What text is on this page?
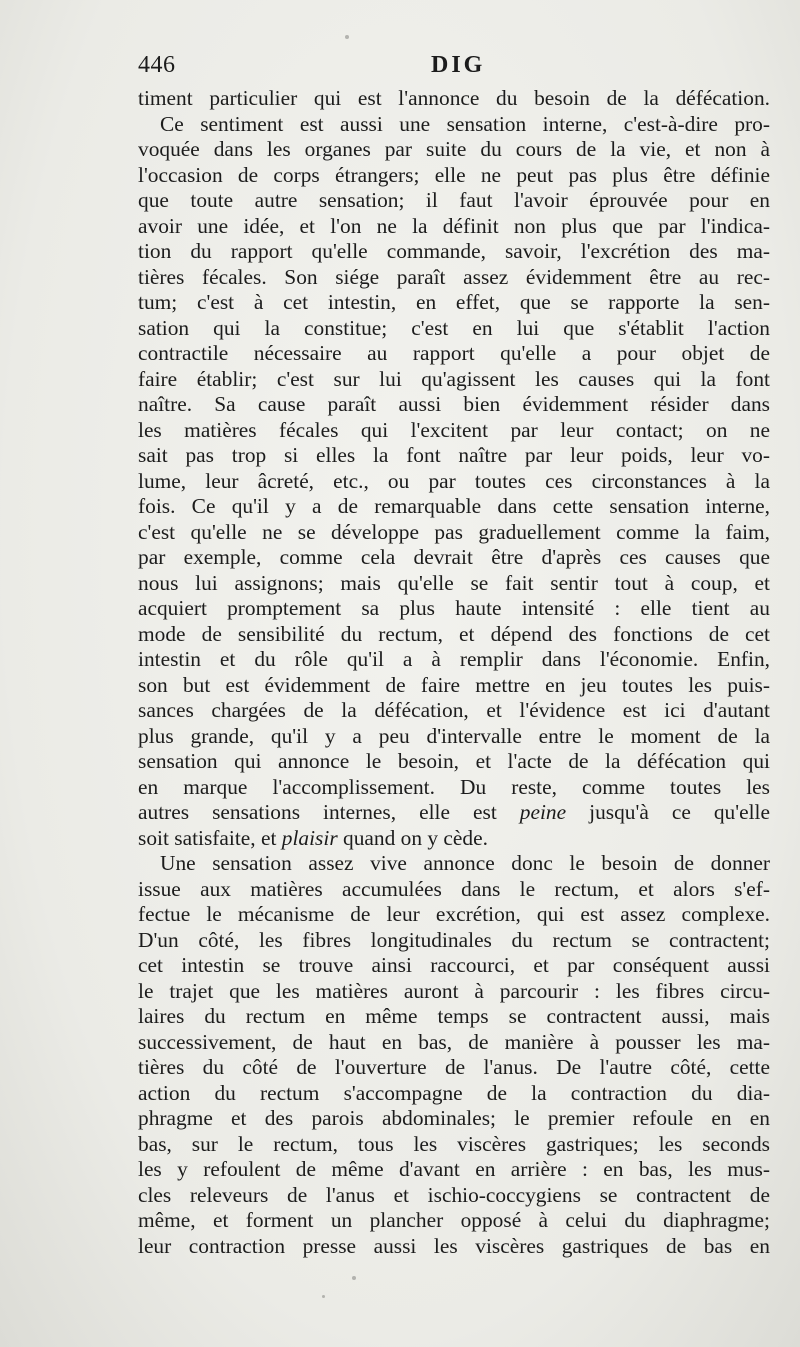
446	DIG
timent particulier qui est l'annonce du besoin de la défécation.
Ce sentiment est aussi une sensation interne, c'est-à-dire pro-
voquée dans les organes par suite du cours de la vie, et non à
l'occasion de corps étrangers; elle ne peut pas plus être définie
que toute autre sensation; il faut l'avoir éprouvée pour en
avoir une idée, et l'on ne la définit non plus que par l'indica-
tion du rapport qu'elle commande, savoir, l'excrétion des ma-
tières fécales. Son siége paraît assez évidemment être au rec-
tum; c'est à cet intestin, en effet, que se rapporte la sen-
sation qui la constitue; c'est en lui que s'établit l'action
contractile nécessaire au rapport qu'elle a pour objet de
faire établir; c'est sur lui qu'agissent les causes qui la font
naître. Sa cause paraît aussi bien évidemment résider dans
les matières fécales qui l'excitent par leur contact; on ne
sait pas trop si elles la font naître par leur poids, leur vo-
lume, leur âcreté, etc., ou par toutes ces circonstances à la
fois. Ce qu'il y a de remarquable dans cette sensation interne,
c'est qu'elle ne se développe pas graduellement comme la faim,
par exemple, comme cela devrait être d'après ces causes que
nous lui assignons; mais qu'elle se fait sentir tout à coup, et
acquiert promptement sa plus haute intensité : elle tient au
mode de sensibilité du rectum, et dépend des fonctions de cet
intestin et du rôle qu'il a à remplir dans l'économie. Enfin,
son but est évidemment de faire mettre en jeu toutes les puis-
sances chargées de la défécation, et l'évidence est ici d'autant
plus grande, qu'il y a peu d'intervalle entre le moment de la
sensation qui annonce le besoin, et l'acte de la défécation qui
en marque l'accomplissement. Du reste, comme toutes les
autres sensations internes, elle est peine jusqu'à ce qu'elle
soit satisfaite, et plaisir quand on y cède.
Une sensation assez vive annonce donc le besoin de donner
issue aux matières accumulées dans le rectum, et alors s'ef-
fectue le mécanisme de leur excrétion, qui est assez complexe.
D'un côté, les fibres longitudinales du rectum se contractent;
cet intestin se trouve ainsi raccourci, et par conséquent aussi
le trajet que les matières auront à parcourir : les fibres circu-
laires du rectum en même temps se contractent aussi, mais
successivement, de haut en bas, de manière à pousser les ma-
tières du côté de l'ouverture de l'anus. De l'autre côté, cette
action du rectum s'accompagne de la contraction du dia-
phragme et des parois abdominales; le premier refoule en en
bas, sur le rectum, tous les viscères gastriques; les seconds
les y refoulent de même d'avant en arrière : en bas, les mus-
cles releveurs de l'anus et ischio-coccygiens se contractent de
même, et forment un plancher opposé à celui du diaphragme;
leur contraction presse aussi les viscères gastriques de bas en
